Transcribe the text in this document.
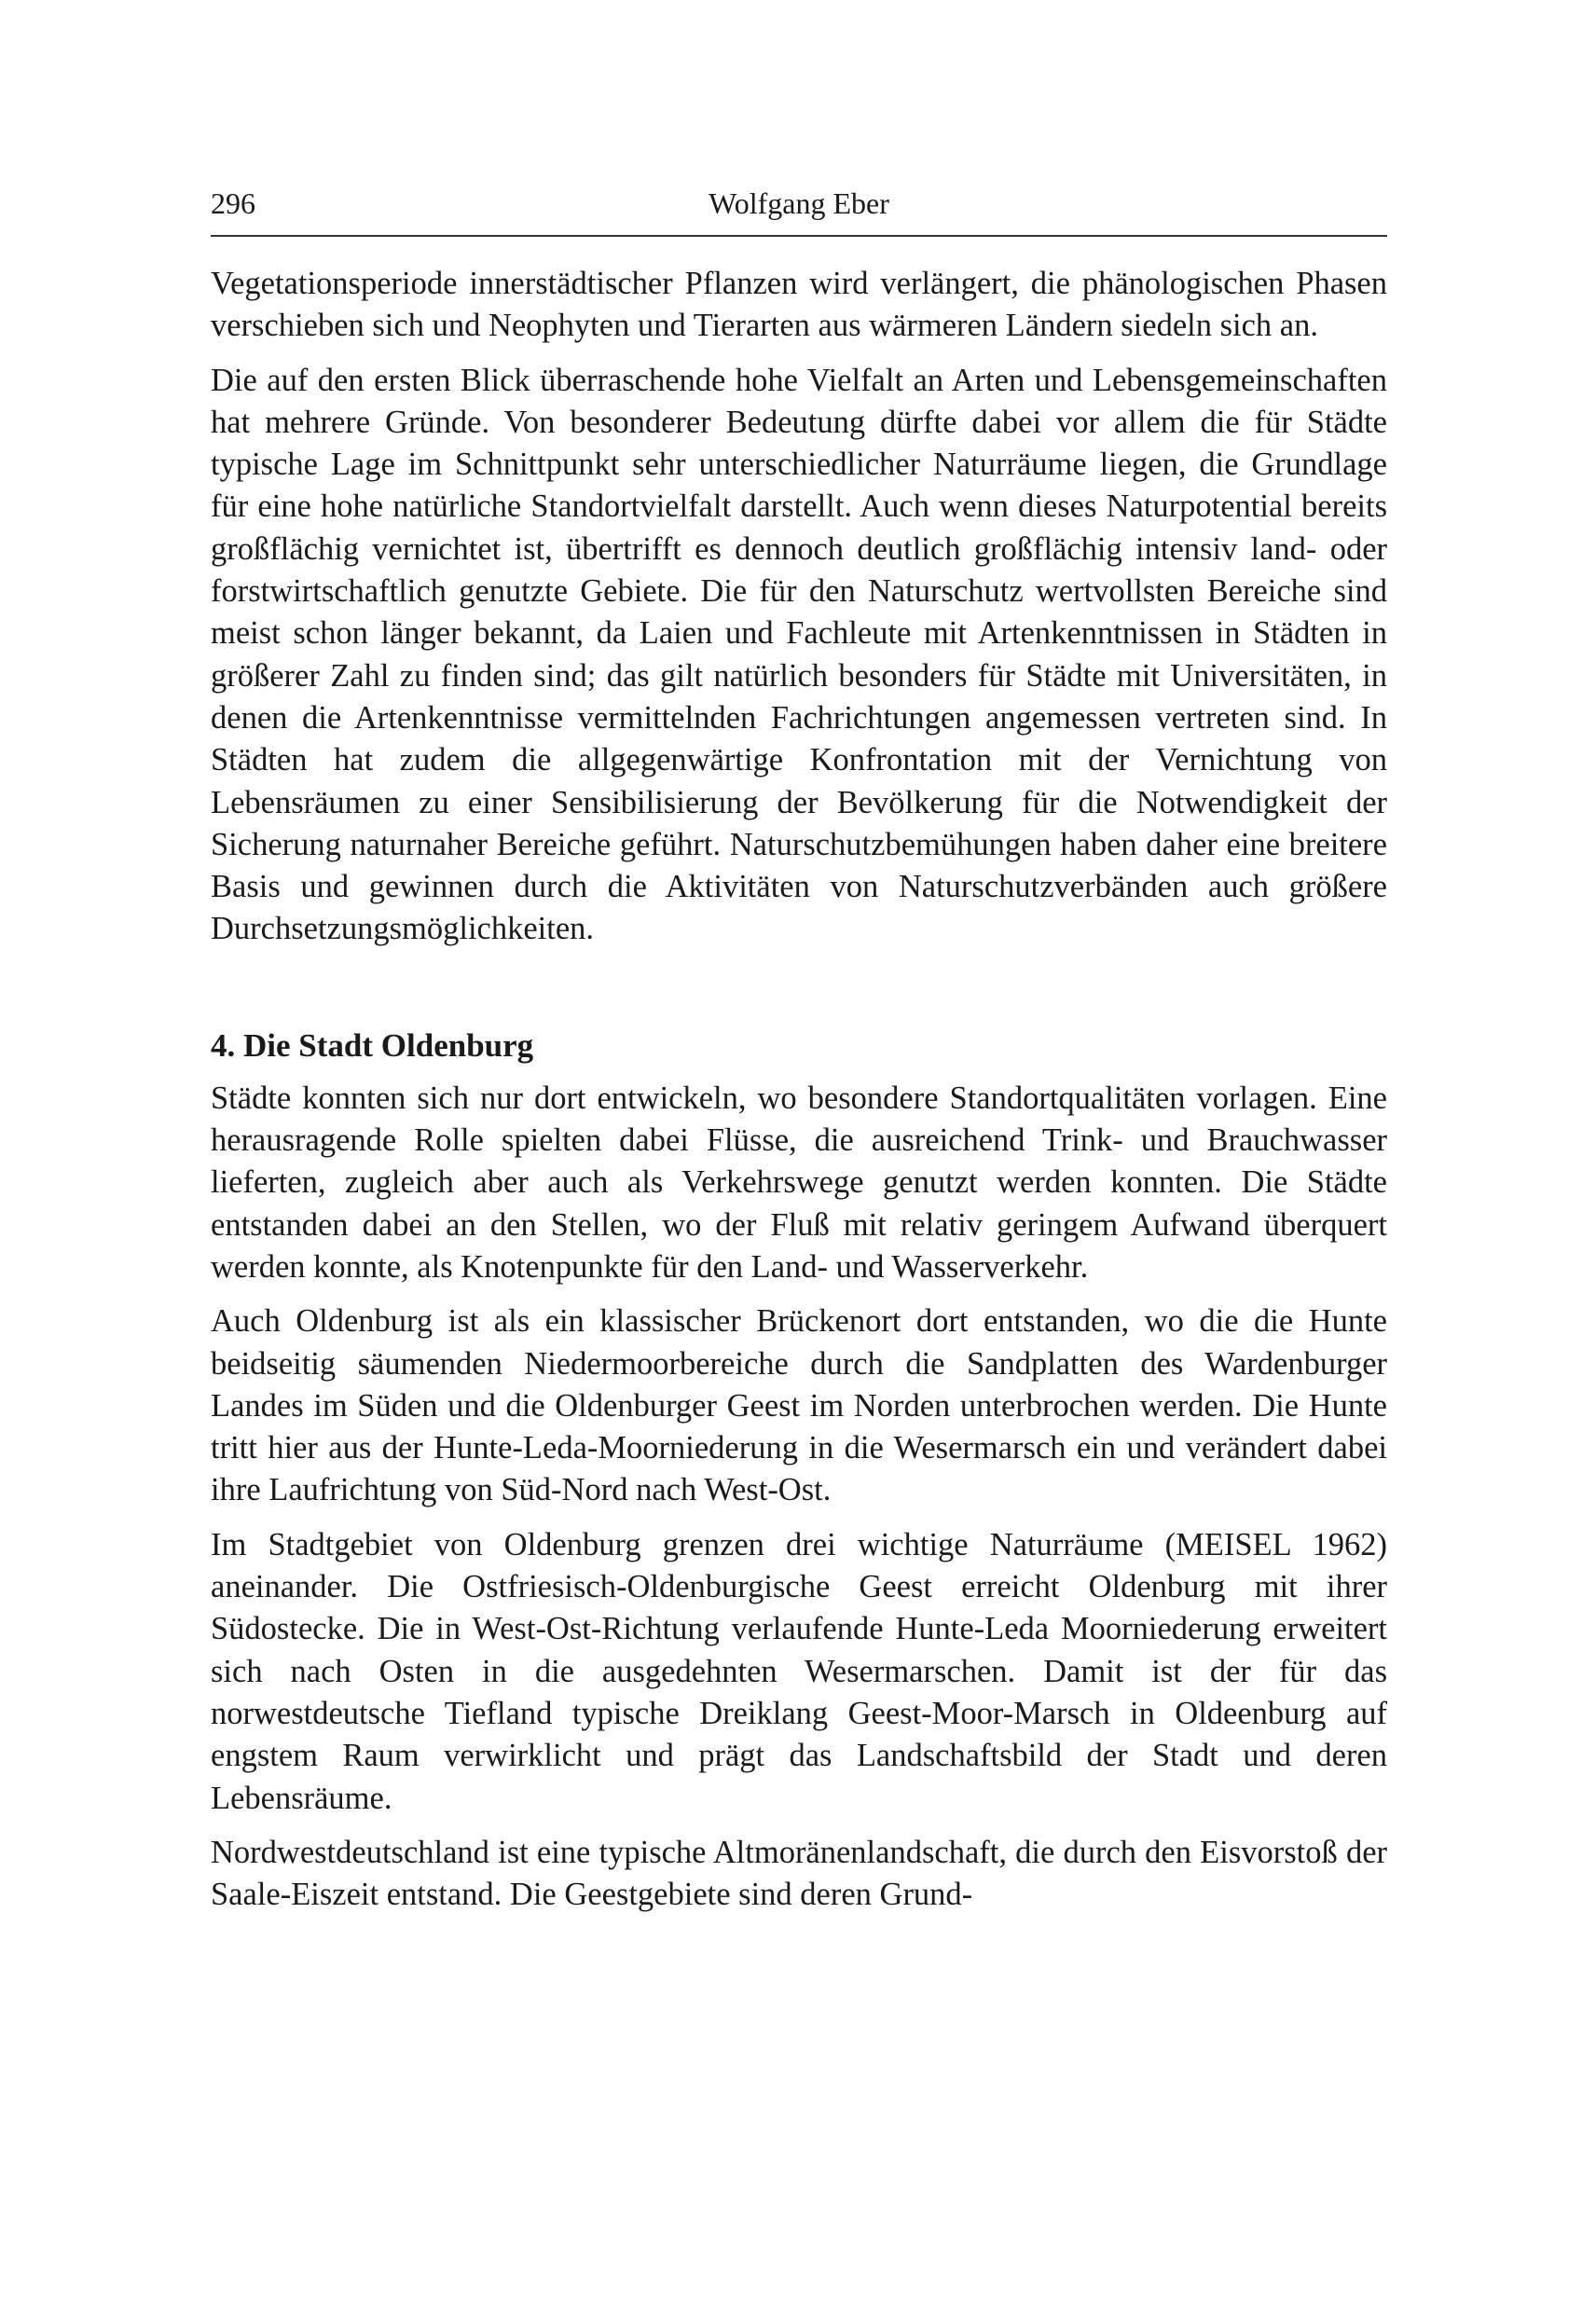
296	Wolfgang Eber

Vegetationsperiode innerstädtischer Pflanzen wird verlängert, die phänologischen Phasen verschieben sich und Neophyten und Tierarten aus wärmeren Ländern siedeln sich an.

Die auf den ersten Blick überraschende hohe Vielfalt an Arten und Lebensgemeinschaften hat mehrere Gründe. Von besonderer Bedeutung dürfte dabei vor allem die für Städte typische Lage im Schnittpunkt sehr unterschiedlicher Naturräume liegen, die Grundlage für eine hohe natürliche Standortvielfalt darstellt. Auch wenn dieses Naturpotential bereits großflächig vernichtet ist, übertrifft es dennoch deutlich großflächig intensiv land- oder forstwirtschaftlich genutzte Gebiete. Die für den Naturschutz wertvollsten Bereiche sind meist schon länger bekannt, da Laien und Fachleute mit Artenkenntnissen in Städten in größerer Zahl zu finden sind; das gilt natürlich besonders für Städte mit Universitäten, in denen die Artenkenntnisse vermittelnden Fachrichtungen angemessen vertreten sind. In Städten hat zudem die allgegenwärtige Konfrontation mit der Vernichtung von Lebensräumen zu einer Sensibilisierung der Bevölkerung für die Notwendigkeit der Sicherung naturnaher Bereiche geführt. Naturschutzbemühungen haben daher eine breitere Basis und gewinnen durch die Aktivitäten von Naturschutzverbänden auch größere Durchsetzungsmöglichkeiten.

4. Die Stadt Oldenburg

Städte konnten sich nur dort entwickeln, wo besondere Standortqualitäten vorlagen. Eine herausragende Rolle spielten dabei Flüsse, die ausreichend Trink- und Brauchwasser lieferten, zugleich aber auch als Verkehrswege genutzt werden konnten. Die Städte entstanden dabei an den Stellen, wo der Fluß mit relativ geringem Aufwand überquert werden konnte, als Knotenpunkte für den Land- und Wasserverkehr.

Auch Oldenburg ist als ein klassischer Brückenort dort entstanden, wo die die Hunte beidseitig säumenden Niedermoorbereiche durch die Sandplatten des Wardenburger Landes im Süden und die Oldenburger Geest im Norden unterbrochen werden. Die Hunte tritt hier aus der Hunte-Leda-Moorniederung in die Wesermarsch ein und verändert dabei ihre Laufrichtung von Süd-Nord nach West-Ost.

Im Stadtgebiet von Oldenburg grenzen drei wichtige Naturräume (MEISEL 1962) aneinander. Die Ostfriesisch-Oldenburgische Geest erreicht Oldenburg mit ihrer Südostecke. Die in West-Ost-Richtung verlaufende Hunte-Leda Moorniederung erweitert sich nach Osten in die ausgedehnten Wesermarschen. Damit ist der für das norwestdeutsche Tiefland typische Dreiklang Geest-Moor-Marsch in Oldeenburg auf engstem Raum verwirklicht und prägt das Landschaftsbild der Stadt und deren Lebensräume.

Nordwestdeutschland ist eine typische Altmoränenlandschaft, die durch den Eisvorstoß der Saale-Eiszeit entstand. Die Geestgebiete sind deren Grund-
